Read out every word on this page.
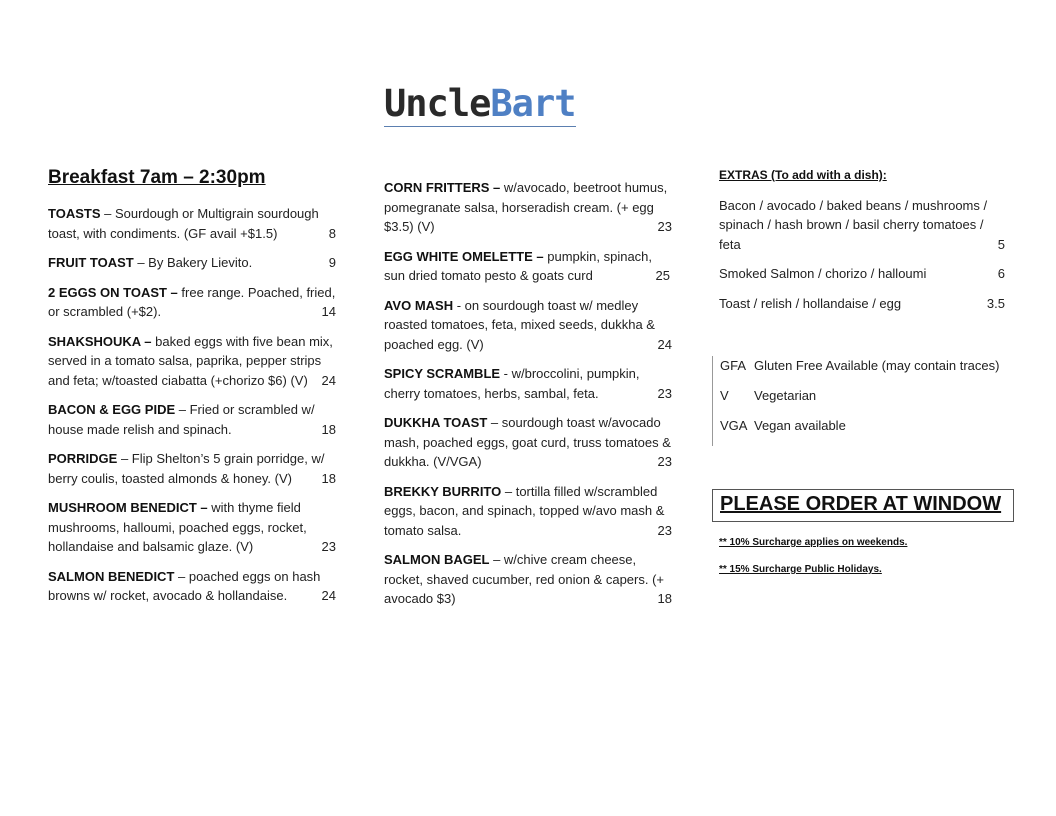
UncleBart
Breakfast 7am – 2:30pm
TOASTS – Sourdough or Multigrain sourdough toast, with condiments. (GF avail +$1.5)	8
FRUIT TOAST – By Bakery Lievito.	9
2 EGGS ON TOAST – free range. Poached, fried, or scrambled (+$2).	14
SHAKSHOUKA – baked eggs with five bean mix, served in a tomato salsa, paprika, pepper strips and feta; w/toasted ciabatta (+chorizo $6) (V) 24
BACON & EGG PIDE – Fried or scrambled w/ house made relish and spinach.	18
PORRIDGE – Flip Shelton’s 5 grain porridge, w/ berry coulis, toasted almonds & honey. (V) 18
MUSHROOM BENEDICT – with thyme field mushrooms, halloumi, poached eggs, rocket, hollandaise and balsamic glaze. (V)	23
SALMON BENEDICT – poached eggs on hash browns w/ rocket, avocado & hollandaise.	24
CORN FRITTERS – w/avocado, beetroot humus, pomegranate salsa, horseradish cream. (+ egg $3.5) (V)	23
EGG WHITE OMELETTE – pumpkin, spinach, sun dried tomato pesto & goats curd	25
AVO MASH - on sourdough toast w/ medley roasted tomatoes, feta, mixed seeds, dukkha & poached egg. (V)	24
SPICY SCRAMBLE - w/broccolini, pumpkin, cherry tomatoes, herbs, sambal, feta.	23
DUKKHA TOAST – sourdough toast w/avocado mash, poached eggs, goat curd, truss tomatoes & dukkha. (V/VGA)	23
BREKKY BURRITO – tortilla filled w/scrambled eggs, bacon, and spinach, topped w/avo mash & tomato salsa.	23
SALMON BAGEL – w/chive cream cheese, rocket, shaved cucumber, red onion & capers. (+ avocado $3)	18
EXTRAS (To add with a dish):
Bacon / avocado / baked beans / mushrooms / spinach / hash brown / basil cherry tomatoes / feta	5
Smoked Salmon / chorizo / halloumi	6
Toast / relish / hollandaise / egg	3.5
GFA Gluten Free Available (may contain traces)
V Vegetarian
VGA Vegan available
PLEASE ORDER AT WINDOW
** 10% Surcharge applies on weekends.
** 15% Surcharge Public Holidays.
